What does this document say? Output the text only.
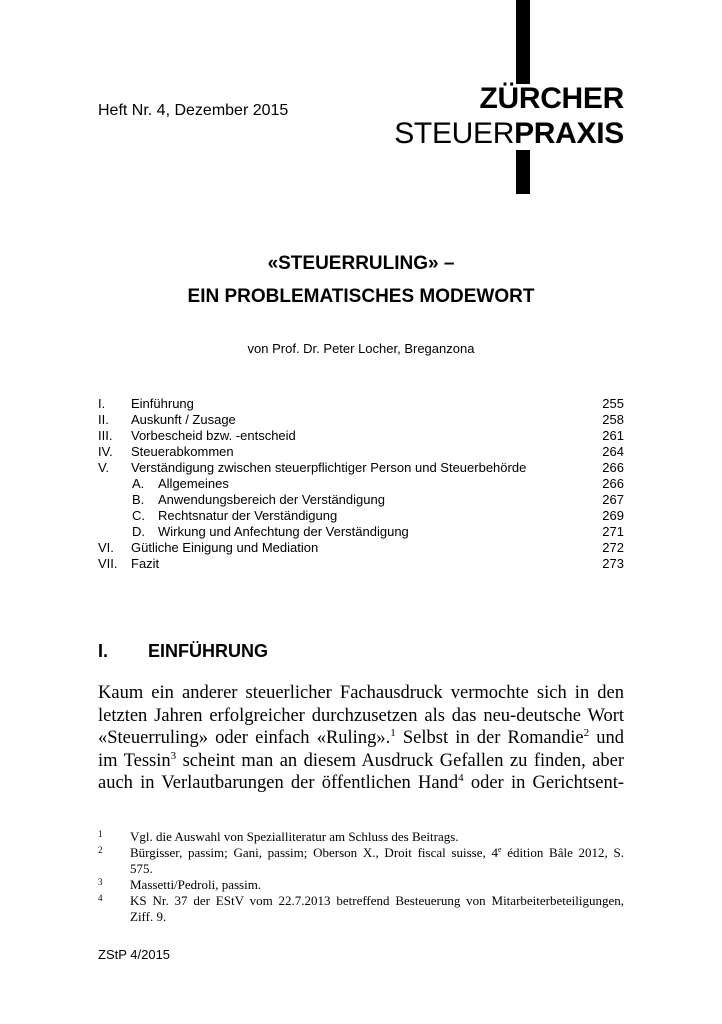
Heft Nr. 4, Dezember 2015	ZÜRCHER
STEUERPRAXIS
«STEUERRULING» –
EIN PROBLEMATISCHES MODEWORT
von Prof. Dr. Peter Locher, Breganzona
I. Einführung	255
II. Auskunft / Zusage	258
III. Vorbescheid bzw. -entscheid	261
IV. Steuerabkommen	264
V. Verständigung zwischen steuerpflichtiger Person und Steuerbehörde	266
A. Allgemeines	266
B. Anwendungsbereich der Verständigung	267
C. Rechtsnatur der Verständigung	269
D. Wirkung und Anfechtung der Verständigung	271
VI. Gütliche Einigung und Mediation	272
VII. Fazit	273
I. EINFÜHRUNG
Kaum ein anderer steuerlicher Fachausdruck vermochte sich in den
letzten Jahren erfolgreicher durchzusetzen als das neu-deutsche Wort
«Steuerruling» oder einfach «Ruling».$^1$ Selbst in der Romandie$^2$ und
im Tessin$^3$ scheint man an diesem Ausdruck Gefallen zu finden, aber
auch in Verlautbarungen der öffentlichen Hand$^4$ oder in Gerichtsent-
1 Vgl. die Auswahl von Spezialliteratur am Schluss des Beitrags.
2 Bürgisser, passim; Gani, passim; Oberson X., Droit fiscal suisse, 4e édition Bâle 2012, S.
575.
3 Massetti/Pedroli, passim.
4 KS Nr. 37 der EStV vom 22.7.2013 betreffend Besteuerung von Mitarbeiterbeteiligungen,
Ziff. 9.
ZStP 4/2015
